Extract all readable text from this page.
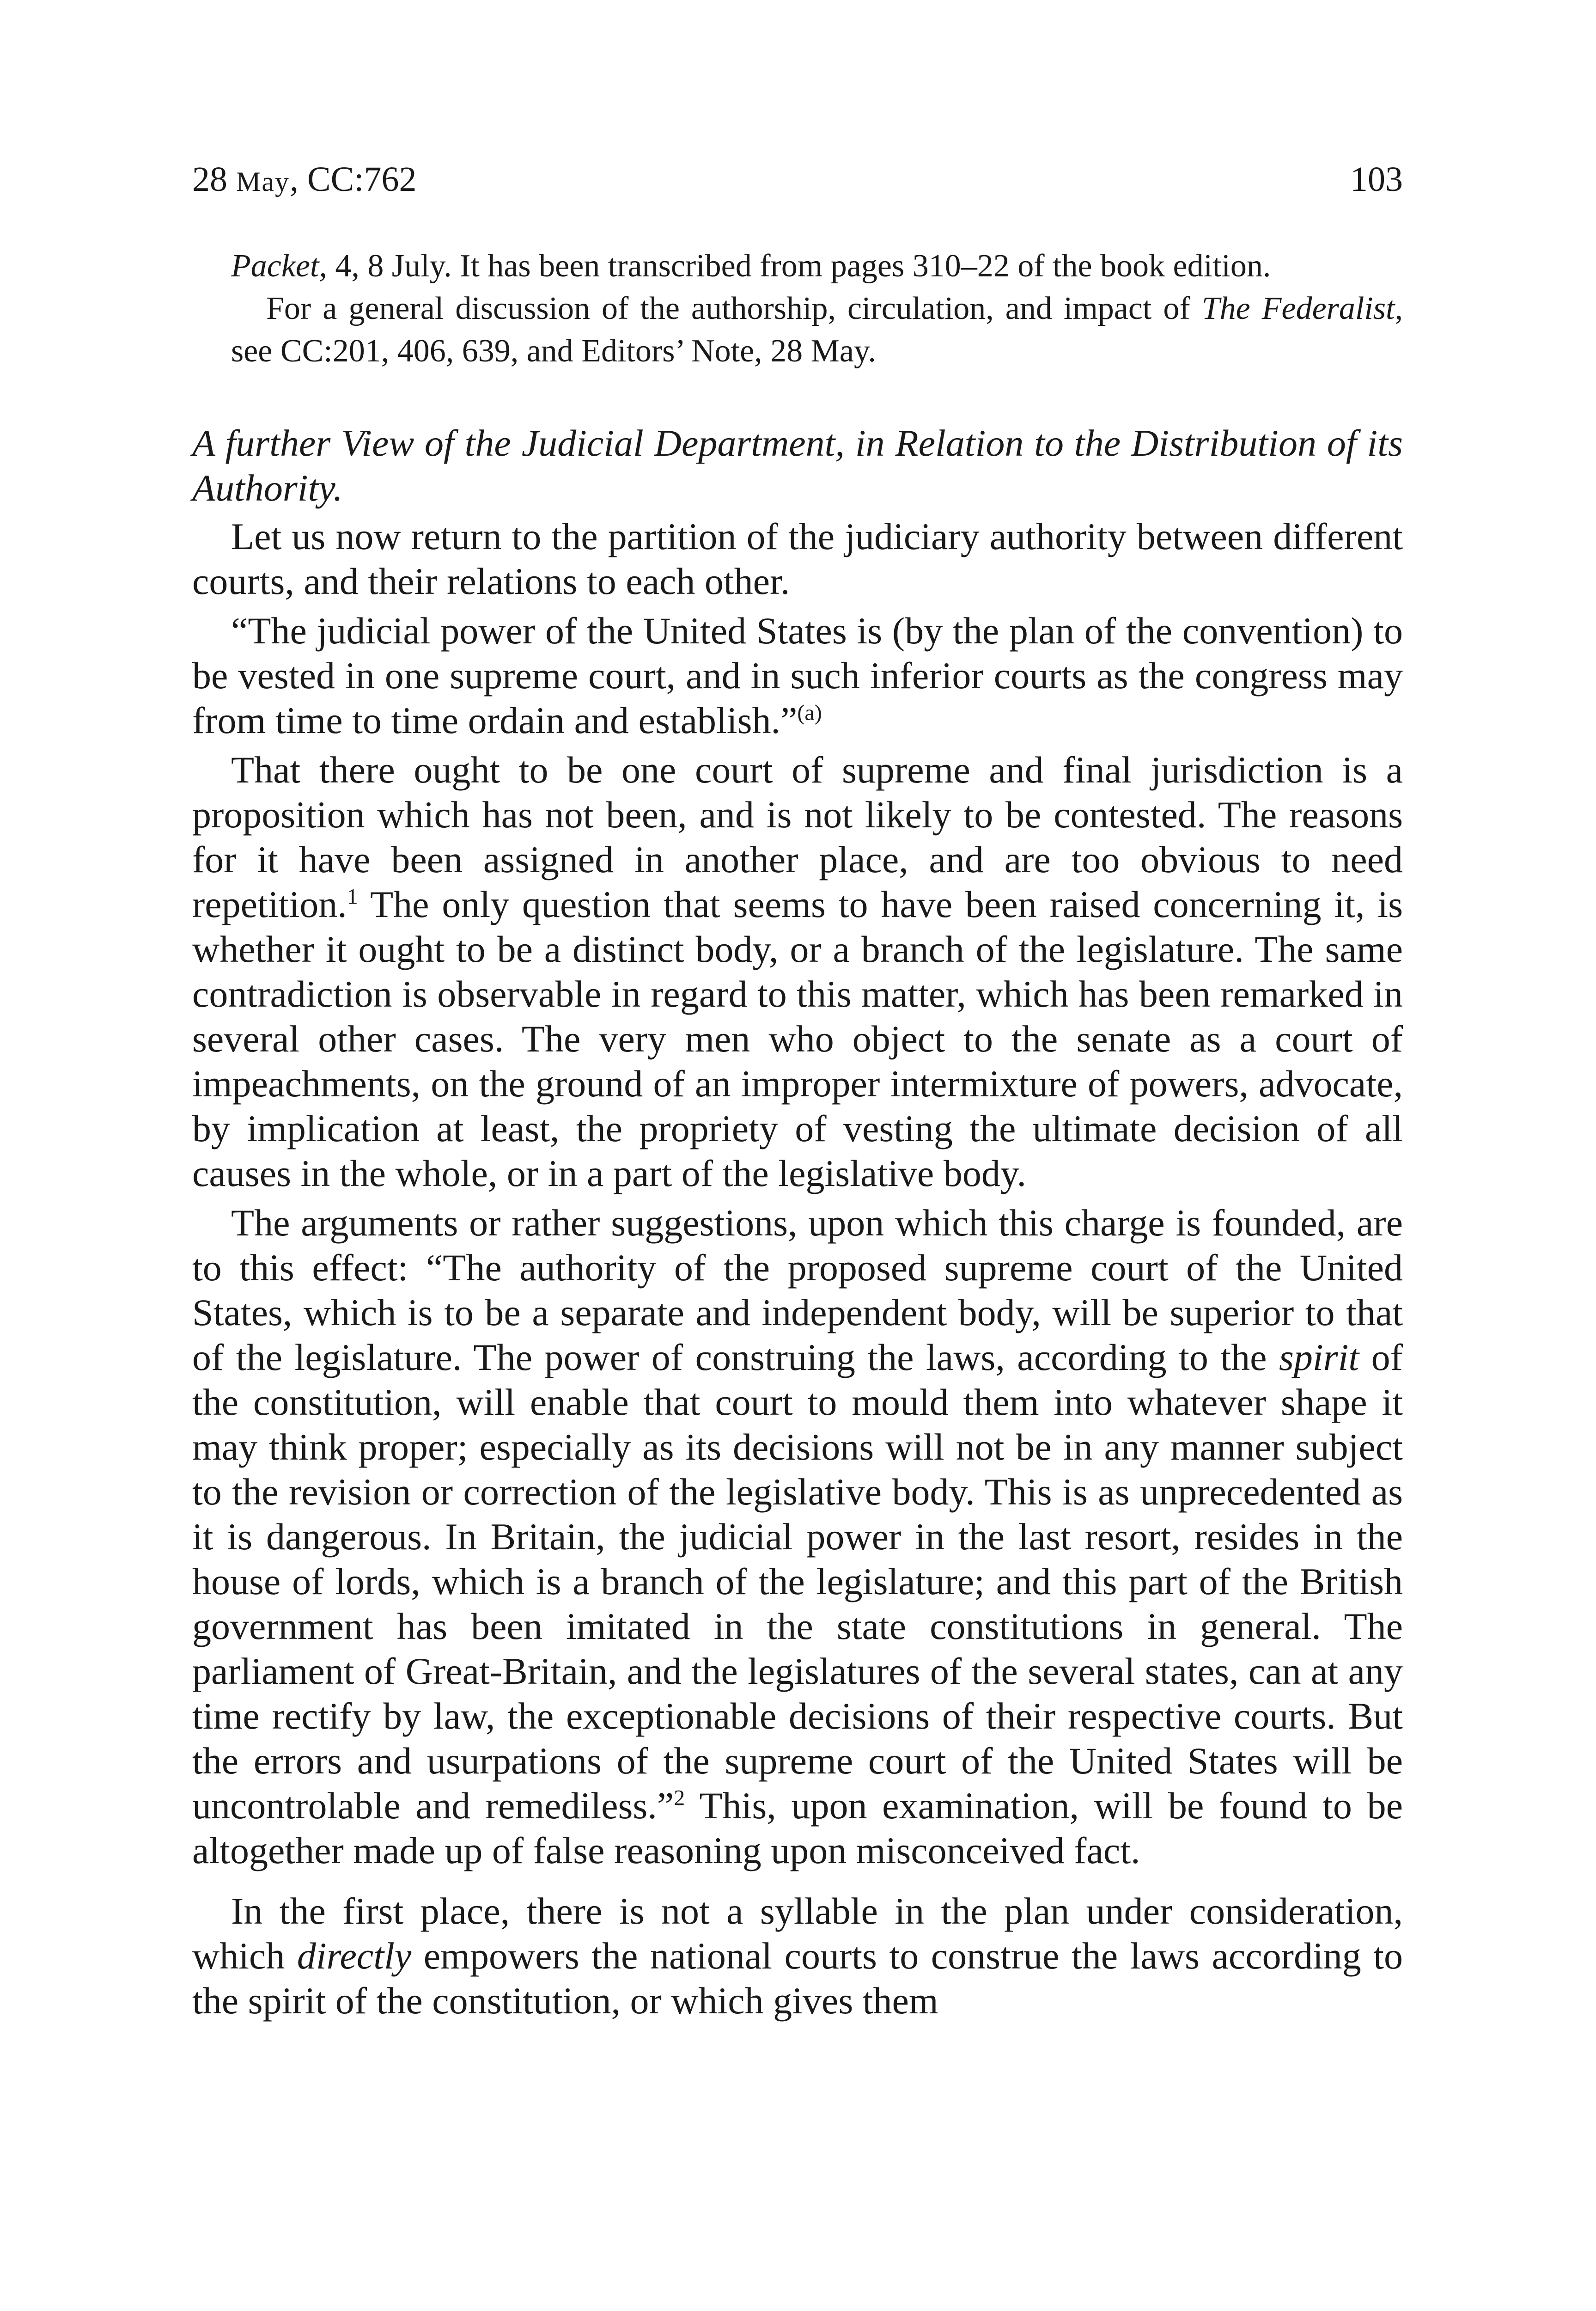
28 May, CC:762	103

Packet, 4, 8 July. It has been transcribed from pages 310–22 of the book edition.

For a general discussion of the authorship, circulation, and impact of The Federalist, see CC:201, 406, 639, and Editors’ Note, 28 May.

A further View of the Judicial Department, in Relation to the Distribution of its Authority.

Let us now return to the partition of the judiciary authority between different courts, and their relations to each other.

“The judicial power of the United States is (by the plan of the convention) to be vested in one supreme court, and in such inferior courts as the congress may from time to time ordain and establish.”$^{(a)}$

That there ought to be one court of supreme and final jurisdiction is a proposition which has not been, and is not likely to be contested. The reasons for it have been assigned in another place, and are too obvious to need repetition.$^1$ The only question that seems to have been raised concerning it, is whether it ought to be a distinct body, or a branch of the legislature. The same contradiction is observable in regard to this matter, which has been remarked in several other cases. The very men who object to the senate as a court of impeachments, on the ground of an improper intermixture of powers, advocate, by implication at least, the propriety of vesting the ultimate decision of all causes in the whole, or in a part of the legislative body.

The arguments or rather suggestions, upon which this charge is founded, are to this effect: “The authority of the proposed supreme court of the United States, which is to be a separate and independent body, will be superior to that of the legislature. The power of construing the laws, according to the spirit of the constitution, will enable that court to mould them into whatever shape it may think proper; especially as its decisions will not be in any manner subject to the revision or correction of the legislative body. This is as unprecedented as it is dangerous. In Britain, the judicial power in the last resort, resides in the house of lords, which is a branch of the legislature; and this part of the British government has been imitated in the state constitutions in general. The parliament of Great-Britain, and the legislatures of the several states, can at any time rectify by law, the exceptionable decisions of their respective courts. But the errors and usurpations of the supreme court of the United States will be uncontrolable and remediless.”$^2$ This, upon examination, will be found to be altogether made up of false reasoning upon misconceived fact.

In the first place, there is not a syllable in the plan under consideration, which directly empowers the national courts to construe the laws according to the spirit of the constitution, or which gives them
